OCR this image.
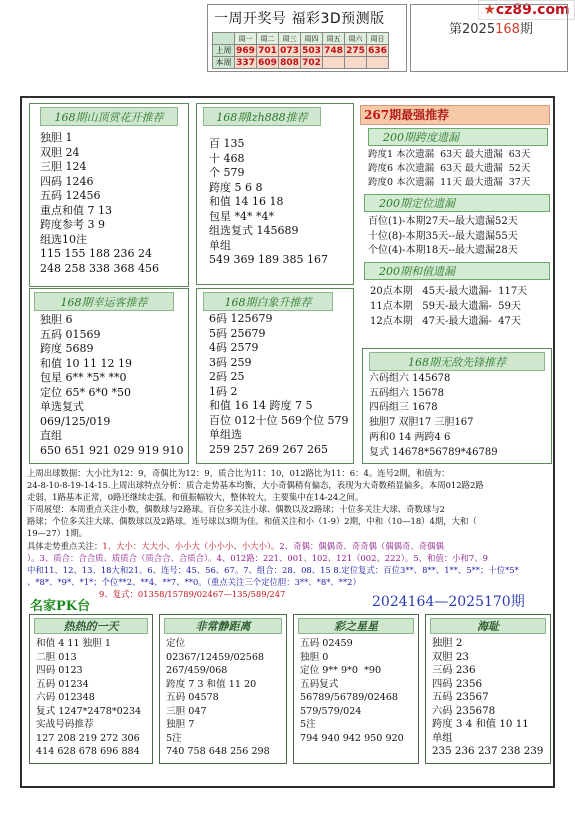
★cz89.com
一周开奖号 福彩3D预测版
	周一	周二	周三	周四	周五	周六	周日
上周	969	701	073	503	748	275	636
本周	337	609	808	702			
第2025168期
168期山顶赏花开推荐
独胆 1
双胆 24
三胆 124
四码 1246
五码 12456
重点和值 7 13
跨度参考 3 9
组选10注
115 155 188 236 24
248 258 338 368 456
168期lzh888推荐
百 135
十 468
个 579
跨度 5 6 8
和值 14 16 18
包星 *4* *4*
组选复式 145689
单组
549 369 189 385 167
168期幸运客推荐
独胆 6
五码 01569
跨度 5689
和值 10 11 12 19
包星 6** *5* **0
定位 65* 6*0 *50
单选复式
069/125/019
直组
650 651 921 029 919 910
168期白象升推荐
6码 125679
5码 25679
4码 2579
3码 259
2码 25
1码 2
和值 16 14 跨度 7 5
百位 012十位 569个位 579
单组选
259 257 269 267 265
267期最强推荐
200期跨度遗漏
跨度1 本次遗漏  63天 最大遗漏  63天
跨度6 本次遗漏  63天 最大遗漏  52天
跨度0 本次遗漏  11天 最大遗漏  37天
200期定位遗漏
百位(1)-本期27天--最大遗漏52天
十位(8)-本期35天--最大遗漏55天
个位(4)-本期18天--最大遗漏28天
200期和值遗漏
20点本期   45天-最大遗漏-  117天
11点本期   59天-最大遗漏-  59天
12点本期   47天-最大遗漏-  47天
168期无敌先锋推荐
六码组六 145678
五码组六 15678
四码组三 1678
独胆7 双胆17 三胆167
两和0 14 两跨4 6
复式 14678*56789*46789
上周出球数据：大小比为12：9，奇偶比为12：9，质合比为11：10，012路比为11：6：4。连号2期，和值为：
24-8-10-8-19-14-15.上周出球特点分析：质合走势基本均衡，大小奇偶稍有偏态，表现为大奇数稍显偏多。本周012路2路
走弱，1路基本正常，0路还继续走强。和值振幅较大，整体较大，主要集中在14-24之间。
下周展望：本周重点关注小数，偶数球与2路球。百位多关注小球、偶数以及2路球；十位多关注大球、奇数球与2
路球；个位多关注大球、偶数球以及2路球。连号球以3期为佳。和值关注和小（1-9）2期，中和（10—18）4期，大和（
19—27）1期。
具体走势重点关注：1、大小：大大小、小小大（小小小、小大小）。2、奇偶：偶偶奇、奇奇偶（偶偶奇、奇偶偶
）。3、质合：合合质、质质合（质合合、合质合）。4、012路：221、001、102、121（002、222）。5、和值：小和7、9
中和11、12、13、18大和21。6、连号：45、56、67。7、组合：28、08、15 8.定位复式：百位3**、8**、1**、5**；十位*5*
、*8*、*9*、*1*；个位**2、**4、**7、**0。（重点关注三个定位胆：3**、*8*、**2）
9、复式：01358/15789/02467—135/589/247
名家PK台	2024164—2025170期
热热的一天
和值 4 11 独胆 1
二胆 013
四码 0123
五码 01234
六码 012348
复式 1247*2478*0234
实战号码推荐
127 208 219 272 306
414 628 678 696 884
非常静距离
定位
02367/12459/02568
267/459/068
跨度 7 3 和值 11 20
五码 04578
三胆 047
独胆 7
5注
740 758 648 256 298
彩之星星
五码 02459
独胆 0
定位 9** 9*0  *90
五码复式
56789/56789/02468
579/579/024
5注
794 940 942 950 920
海耻
独胆 2
双胆 23
三码 236
四码 2356
五码 23567
六码 235678
跨度 3 4 和值 10 11
单组
235 236 237 238 239
